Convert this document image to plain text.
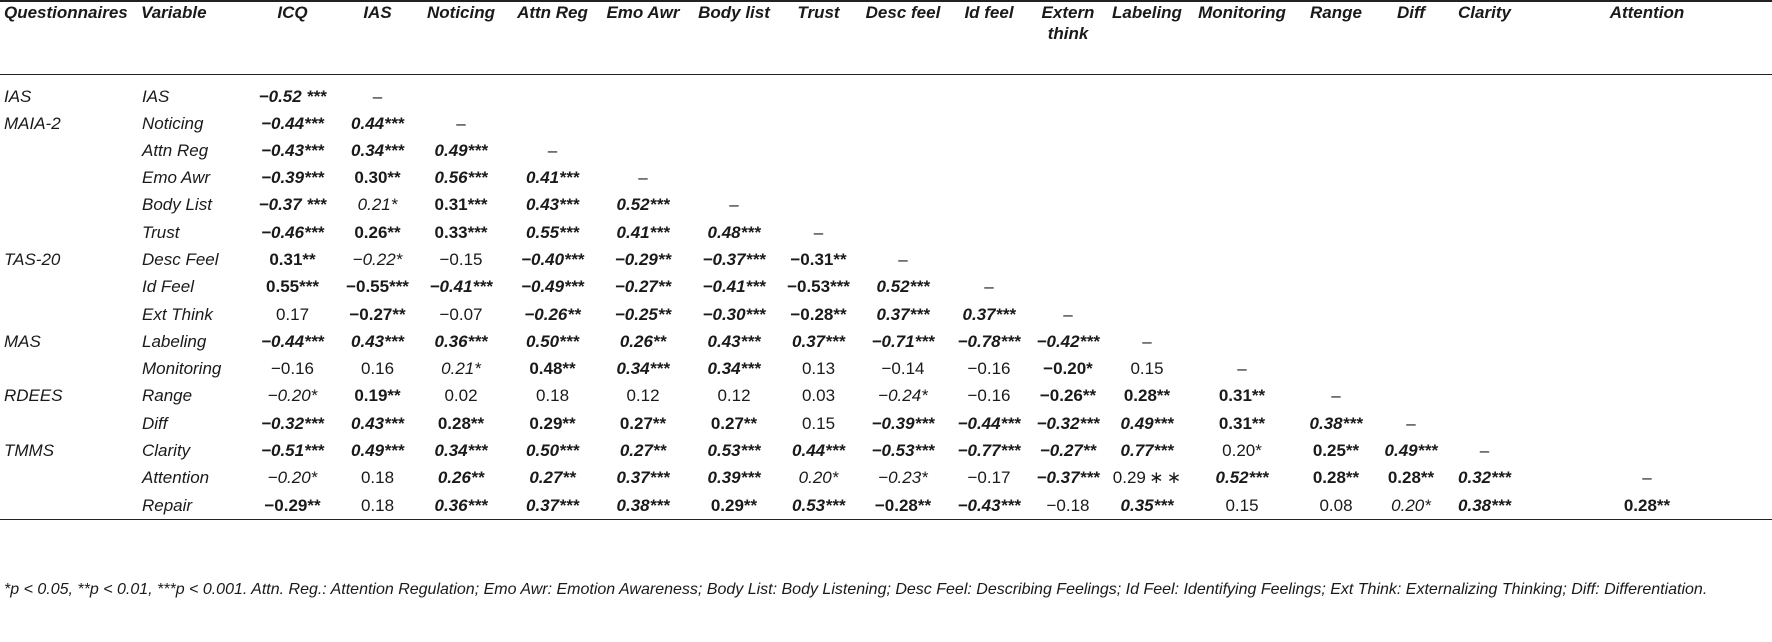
Questionnaires	Variable	ICQ	IAS	Noticing	Attn Reg	Emo Awr	Body list	Trust	Desc feel	Id feel	Extern think	Labeling	Monitoring	Range	Diff	Clarity	Attention	
IAS	IAS	−0.52 ***	–															
MAIA-2	Noticing	−0.44***	0.44***	–														
	Attn Reg	−0.43***	0.34***	0.49***	–													
	Emo Awr	−0.39***	0.30**	0.56***	0.41***	–												
	Body List	−0.37 ***	0.21*	0.31***	0.43***	0.52***	–											
	Trust	−0.46***	0.26**	0.33***	0.55***	0.41***	0.48***	–										
TAS-20	Desc Feel	0.31**	−0.22*	−0.15	−0.40***	−0.29**	−0.37***	−0.31**	–									
	Id Feel	0.55***	−0.55***	−0.41***	−0.49***	−0.27**	−0.41***	−0.53***	0.52***	–								
	Ext Think	0.17	−0.27**	−0.07	−0.26**	−0.25**	−0.30***	−0.28**	0.37***	0.37***	–							
MAS	Labeling	−0.44***	0.43***	0.36***	0.50***	0.26**	0.43***	0.37***	−0.71***	−0.78***	−0.42***	–						
	Monitoring	−0.16	0.16	0.21*	0.48**	0.34***	0.34***	0.13	−0.14	−0.16	−0.20*	0.15	–					
RDEES	Range	−0.20*	0.19**	0.02	0.18	0.12	0.12	0.03	−0.24*	−0.16	−0.26**	0.28**	0.31**	–				
	Diff	−0.32***	0.43***	0.28**	0.29**	0.27**	0.27**	0.15	−0.39***	−0.44***	−0.32***	0.49***	0.31**	0.38***	–			
TMMS	Clarity	−0.51***	0.49***	0.34***	0.50***	0.27**	0.53***	0.44***	−0.53***	−0.77***	−0.27**	0.77***	0.20*	0.25**	0.49***	–		
	Attention	−0.20*	0.18	0.26**	0.27**	0.37***	0.39***	0.20*	−0.23*	−0.17	−0.37***	0.29 ∗ ∗	0.52***	0.28**	0.28**	0.32***	–	
	Repair	−0.29**	0.18	0.36***	0.37***	0.38***	0.29**	0.53***	−0.28**	−0.43***	−0.18	0.35***	0.15	0.08	0.20*	0.38***	0.28**	
*p < 0.05, **p < 0.01, ***p < 0.001. Attn. Reg.: Attention Regulation; Emo Awr: Emotion Awareness; Body List: Body Listening; Desc Feel: Describing Feelings; Id Feel: Identifying Feelings; Ext Think: Externalizing Thinking; Diff: Differentiation.
